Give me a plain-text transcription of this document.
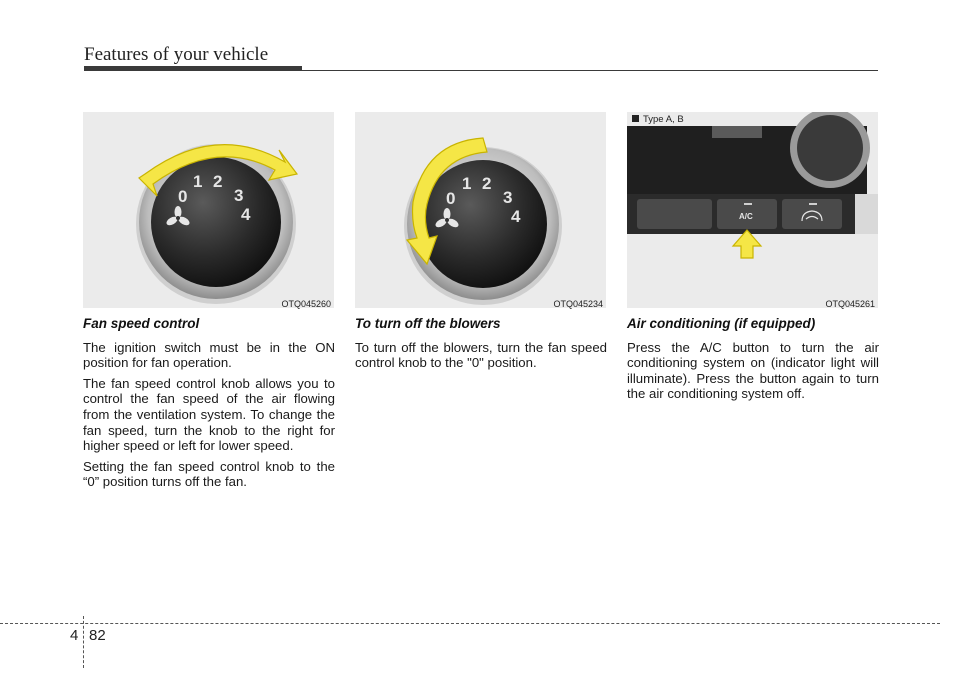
Features of your vehicle
0
1 2
3
4
OTQ045260
0
1 2
3
4
OTQ045234
A/C
Type A, B
OTQ045261
Fan speed control

The ignition switch must be in the ON position for fan operation.

The fan speed control knob allows you to control the fan speed of the air flowing from the ventilation system. To change the fan speed, turn the knob to the right for higher speed or left for lower speed.

Setting the fan speed control knob to the “0” position turns off the fan.

To turn off the blowers

To turn off the blowers, turn the fan speed control knob to the "0" position.

Air conditioning (if equipped)

Press the A/C button to turn the air conditioning system on (indicator light will illuminate). Press the button again to turn the air conditioning system off.

4 82
